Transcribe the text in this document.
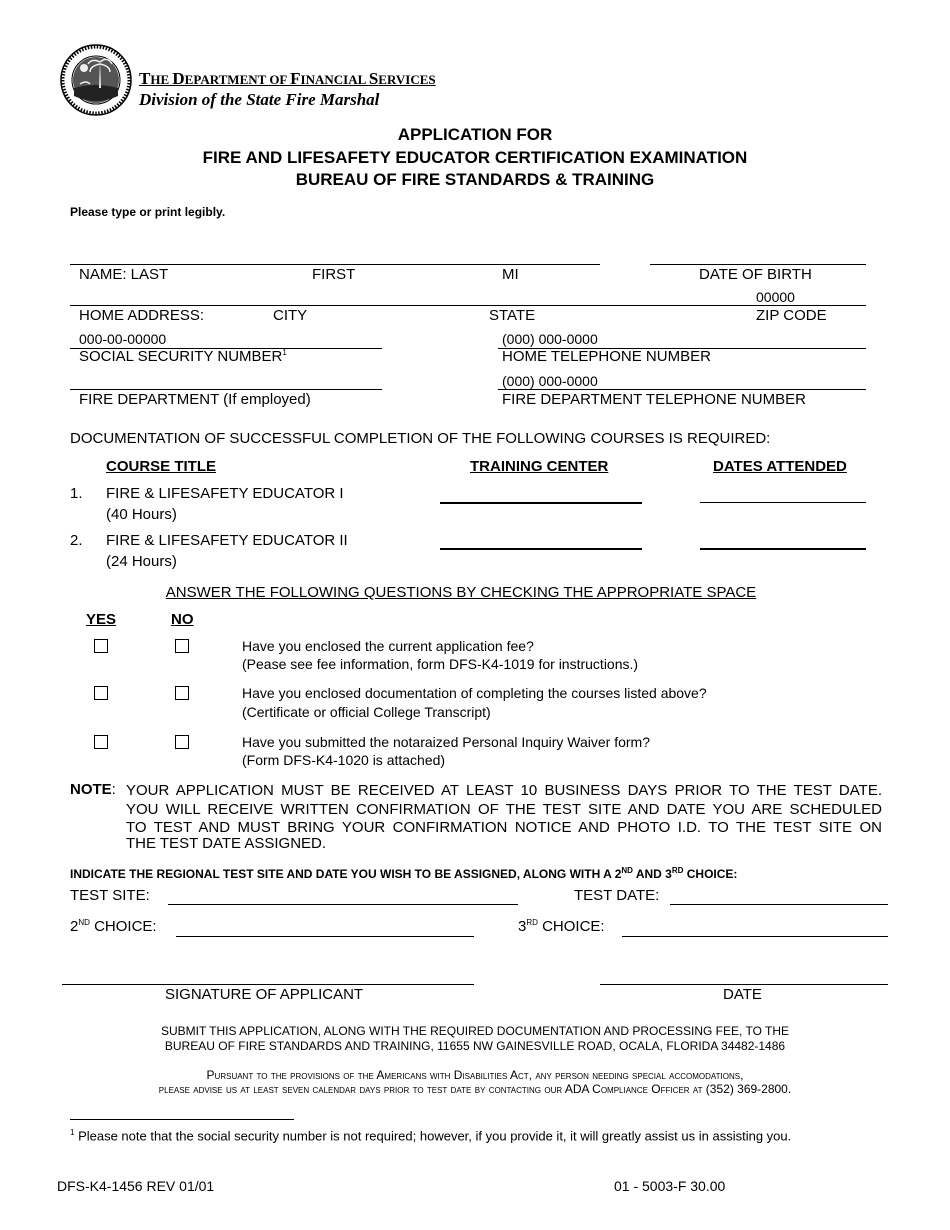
THE DEPARTMENT OF FINANCIAL SERVICES
Division of the State Fire Marshal
APPLICATION FOR
FIRE AND LIFESAFETY EDUCATOR CERTIFICATION EXAMINATION
BUREAU OF FIRE STANDARDS & TRAINING
Please type or print legibly.
NAME: LAST	FIRST	MI	DATE OF BIRTH
00000
HOME ADDRESS:	CITY	STATE	ZIP CODE
000-00-00000	(000) 000-0000
SOCIAL SECURITY NUMBER$^1$	HOME TELEPHONE NUMBER
(000) 000-0000
FIRE DEPARTMENT (If employed)	FIRE DEPARTMENT TELEPHONE NUMBER
DOCUMENTATION OF SUCCESSFUL COMPLETION OF THE FOLLOWING COURSES IS REQUIRED:
COURSE TITLE	TRAINING CENTER	DATES ATTENDED
1. FIRE & LIFESAFETY EDUCATOR I
(40 Hours)
2. FIRE & LIFESAFETY EDUCATOR II
(24 Hours)
ANSWER THE FOLLOWING QUESTIONS BY CHECKING THE APPROPRIATE SPACE
YES	NO
Have you enclosed the current application fee?
(Pease see fee information, form DFS-K4-1019 for instructions.)
Have you enclosed documentation of completing the courses listed above?
(Certificate or official College Transcript)
Have you submitted the notaraized Personal Inquiry Waiver form?
(Form DFS-K4-1020 is attached)
NOTE: YOUR APPLICATION MUST BE RECEIVED AT LEAST 10 BUSINESS DAYS PRIOR TO THE TEST DATE.
YOU WILL RECEIVE WRITTEN CONFIRMATION OF THE TEST SITE AND DATE YOU ARE SCHEDULED
TO TEST AND MUST BRING YOUR CONFIRMATION NOTICE AND PHOTO I.D. TO THE TEST SITE ON
THE TEST DATE ASSIGNED.
INDICATE THE REGIONAL TEST SITE AND DATE YOU WISH TO BE ASSIGNED, ALONG WITH A 2ND AND 3RD CHOICE:
TEST SITE:	TEST DATE:
2ND CHOICE:	3RD CHOICE:
SIGNATURE OF APPLICANT	DATE
SUBMIT THIS APPLICATION, ALONG WITH THE REQUIRED DOCUMENTATION AND PROCESSING FEE, TO THE
BUREAU OF FIRE STANDARDS AND TRAINING, 11655 NW GAINESVILLE ROAD, OCALA, FLORIDA 34482-1486
Pursuant to the provisions of the Americans with Disabilities Act, any person needing special accomodations,
please advise us at least seven calendar days prior to test date by contacting our ADA Compliance Officer at (352) 369-2800.
$^1$ Please note that the social security number is not required; however, if you provide it, it will greatly assist us in assisting you.
DFS-K4-1456 REV 01/01	01 - 5003-F 30.00
